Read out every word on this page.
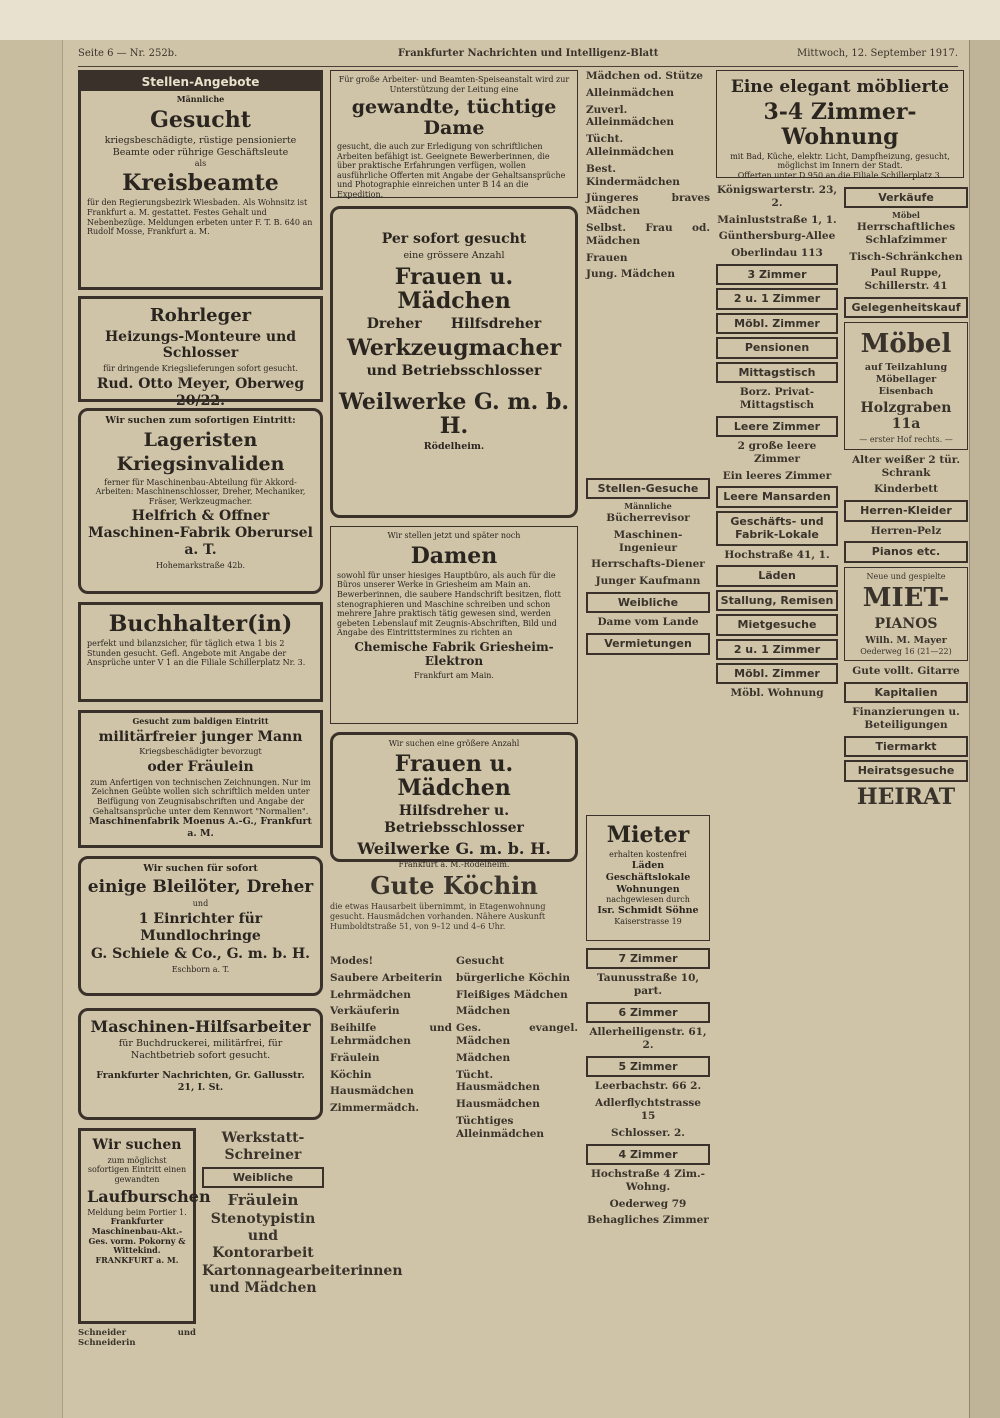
Seite 6 — Nr. 252b.	Frankfurter Nachrichten und Intelligenz-Blatt	Mittwoch, 12. September 1917.
Stellen-Angebote
Männliche
Gesucht
kriegsbeschädigte, rüstige pensionierte Beamte oder rührige Geschäftsleute
als
Kreisbeamte
für den Regierungsbezirk Wiesbaden. Als Wohnsitz ist Frankfurt a. M. gestattet. Festes Gehalt und Nebenbezüge. Meldungen erbeten unter F. T. B. 640 an Rudolf Mosse, Frankfurt a. M.
Rohrleger
Heizungs-Monteure und Schlosser
für dringende Kriegslieferungen sofort gesucht.
Rud. Otto Meyer, Oberweg 20/22.
Wir suchen zum sofortigen Eintritt:
Lageristen
Kriegsinvaliden
ferner für Maschinenbau-Abteilung für Akkord-Arbeiten: Maschinenschlosser, Dreher, Mechaniker, Fräser, Werkzeugmacher.
Helfrich & Offner Maschinen-Fabrik Oberursel a. T.
Hohemarkstraße 42b.
Buchhalter(in)
perfekt und bilanzsicher, für täglich etwa 1 bis 2 Stunden gesucht. Gefl. Angebote mit Angabe der Ansprüche unter V 1 an die Filiale Schillerplatz Nr. 3.
Gesucht zum baldigen Eintritt
militärfreier junger Mann
Kriegsbeschädigter bevorzugt
oder Fräulein
zum Anfertigen von technischen Zeichnungen. Nur im Zeichnen Geübte wollen sich schriftlich melden unter Beifügung von Zeugnisabschriften und Angabe der Gehaltsansprüche unter dem Kennwort "Normalien".
Maschinenfabrik Moenus A.-G., Frankfurt a. M.
Wir suchen für sofort
einige Bleilöter, Dreher
und
1 Einrichter für Mundlochringe
G. Schiele & Co., G. m. b. H.
Eschborn a. T.
Maschinen-Hilfsarbeiter
für Buchdruckerei, militärfrei, für Nachtbetrieb sofort gesucht.
Frankfurter Nachrichten, Gr. Gallusstr. 21, I. St.
Wir suchen
zum möglichst sofortigen Eintritt einen gewandten
Laufburschen
Meldung beim Portier 1.
Frankfurter Maschinenbau-Akt.-Ges. vorm. Pokorny & Wittekind. FRANKFURT a. M.
Schneider und Schneiderin
Werkstatt-Schreiner
Weibliche
Fräulein
Stenotypistin und Kontorarbeit
Kartonnagearbeiterinnen und Mädchen
Für große Arbeiter- und Beamten-Speiseanstalt wird zur Unterstützung der Leitung eine
gewandte, tüchtige Dame
gesucht, die auch zur Erledigung von schriftlichen Arbeiten befähigt ist. Geeignete Bewerberinnen, die über praktische Erfahrungen verfügen, wollen ausführliche Offerten mit Angabe der Gehaltsansprüche und Photographie einreichen unter B 14 an die Expedition.
Per sofort gesucht
eine grössere Anzahl
Frauen u. Mädchen
Dreher Hilfsdreher
Werkzeugmacher
und Betriebsschlosser
Weilwerke G. m. b. H.
Rödelheim.
Wir stellen jetzt und später noch
Damen
sowohl für unser hiesiges Hauptbüro, als auch für die Büros unserer Werke in Griesheim am Main an. Bewerberinnen, die saubere Handschrift besitzen, flott stenographieren und Maschine schreiben und schon mehrere Jahre praktisch tätig gewesen sind, werden gebeten Lebenslauf mit Zeugnis-Abschriften, Bild und Angabe des Eintrittstermines zu richten an
Chemische Fabrik Griesheim-Elektron
Frankfurt am Main.
Wir suchen eine größere Anzahl
Frauen u. Mädchen
Hilfsdreher u. Betriebsschlosser
Weilwerke G. m. b. H.
Frankfurt a. M.-Rödelheim.
Gute Köchin
die etwas Hausarbeit übernimmt, in Etagenwohnung gesucht. Hausmädchen vorhanden. Nähere Auskunft Humboldtstraße 51, von 9–12 und 4–6 Uhr.
Modes!
Saubere Arbeiterin
Lehrmädchen
Verkäuferin
Beihilfe und Lehrmädchen
Fräulein
Köchin
Hausmädchen
Zimmermädch.
Gesucht
bürgerliche Köchin
Fleißiges Mädchen
Mädchen
Ges. evangel. Mädchen
Mädchen
Tücht. Hausmädchen
Hausmädchen
Tüchtiges Alleinmädchen
Mädchen od. Stütze
Alleinmädchen
Zuverl. Alleinmädchen
Tücht. Alleinmädchen
Best. Kindermädchen
Jüngeres braves Mädchen
Selbst. Frau od. Mädchen
Frauen
Jung. Mädchen
Stellen-Gesuche
Männliche
Bücherrevisor
Maschinen-Ingenieur
Herrschafts-Diener
Junger Kaufmann
Weibliche
Dame vom Lande
Vermietungen
Mieter
erhalten kostenfrei
Läden Geschäftslokale Wohnungen
nachgewiesen durch
Isr. Schmidt Söhne
Kaiserstrasse 19
7 Zimmer
Taunusstraße 10, part.
6 Zimmer
Allerheiligenstr. 61, 2.
5 Zimmer
Leerbachstr. 66 2.
Adlerflychtstrasse 15
Schlosser. 2.
4 Zimmer
Hochstraße 4 Zim.-Wohng.
Oederweg 79
Behagliches Zimmer
Eine elegant möblierte
3-4 Zimmer-Wohnung
mit Bad, Küche, elektr. Licht, Dampfheizung, gesucht, möglichst im Innern der Stadt.
Offerten unter D 950 an die Filiale Schillerplatz 3.
Königswarterstr. 23, 2.
Mainluststraße 1, 1.
Günthersburg-Allee
Oberlindau 113
3 Zimmer
2 u. 1 Zimmer
Möbl. Zimmer
Pensionen
Mittagstisch
Borz. Privat-Mittagstisch
Leere Zimmer
2 große leere Zimmer
Ein leeres Zimmer
Leere Mansarden
Geschäfts- und Fabrik-Lokale
Hochstraße 41, 1.
Läden
Stallung, Remisen
Mietgesuche
2 u. 1 Zimmer
Möbl. Zimmer
Möbl. Wohnung
Verkäufe
Möbel
Herrschaftliches Schlafzimmer
Tisch-Schränkchen
Paul Ruppe, Schillerstr. 41
Gelegenheitskauf
Möbel
auf Teilzahlung
Möbellager Eisenbach
Holzgraben 11a
— erster Hof rechts. —
Alter weißer 2 tür. Schrank
Kinderbett
Herren-Kleider
Herren-Pelz
Pianos etc.
Neue und gespielte
MIET-
PIANOS
Wilh. M. Mayer
Oederweg 16 (21—22)
Gute vollt. Gitarre
Kapitalien
Finanzierungen u. Beteiligungen
Tiermarkt
Heiratsgesuche
HEIRAT
